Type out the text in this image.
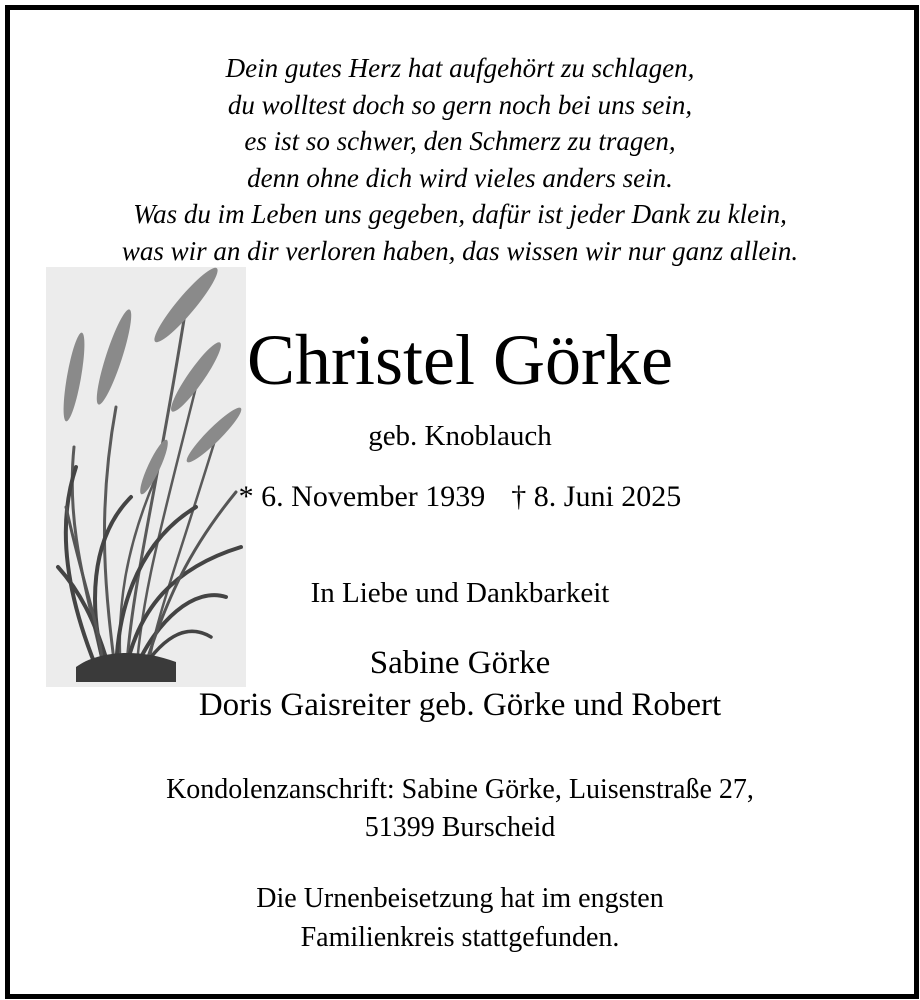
Dein gutes Herz hat aufgehört zu schlagen,
du wolltest doch so gern noch bei uns sein,
es ist so schwer, den Schmerz zu tragen,
denn ohne dich wird vieles anders sein.
Was du im Leben uns gegeben, dafür ist jeder Dank zu klein,
was wir an dir verloren haben, das wissen wir nur ganz allein.
Christel Görke
geb. Knoblauch
* 6. November 1939 † 8. Juni 2025
In Liebe und Dankbarkeit
Sabine Görke
Doris Gaisreiter geb. Görke und Robert
Kondolenzanschrift: Sabine Görke, Luisenstraße 27,
51399 Burscheid
Die Urnenbeisetzung hat im engsten
Familienkreis stattgefunden.
